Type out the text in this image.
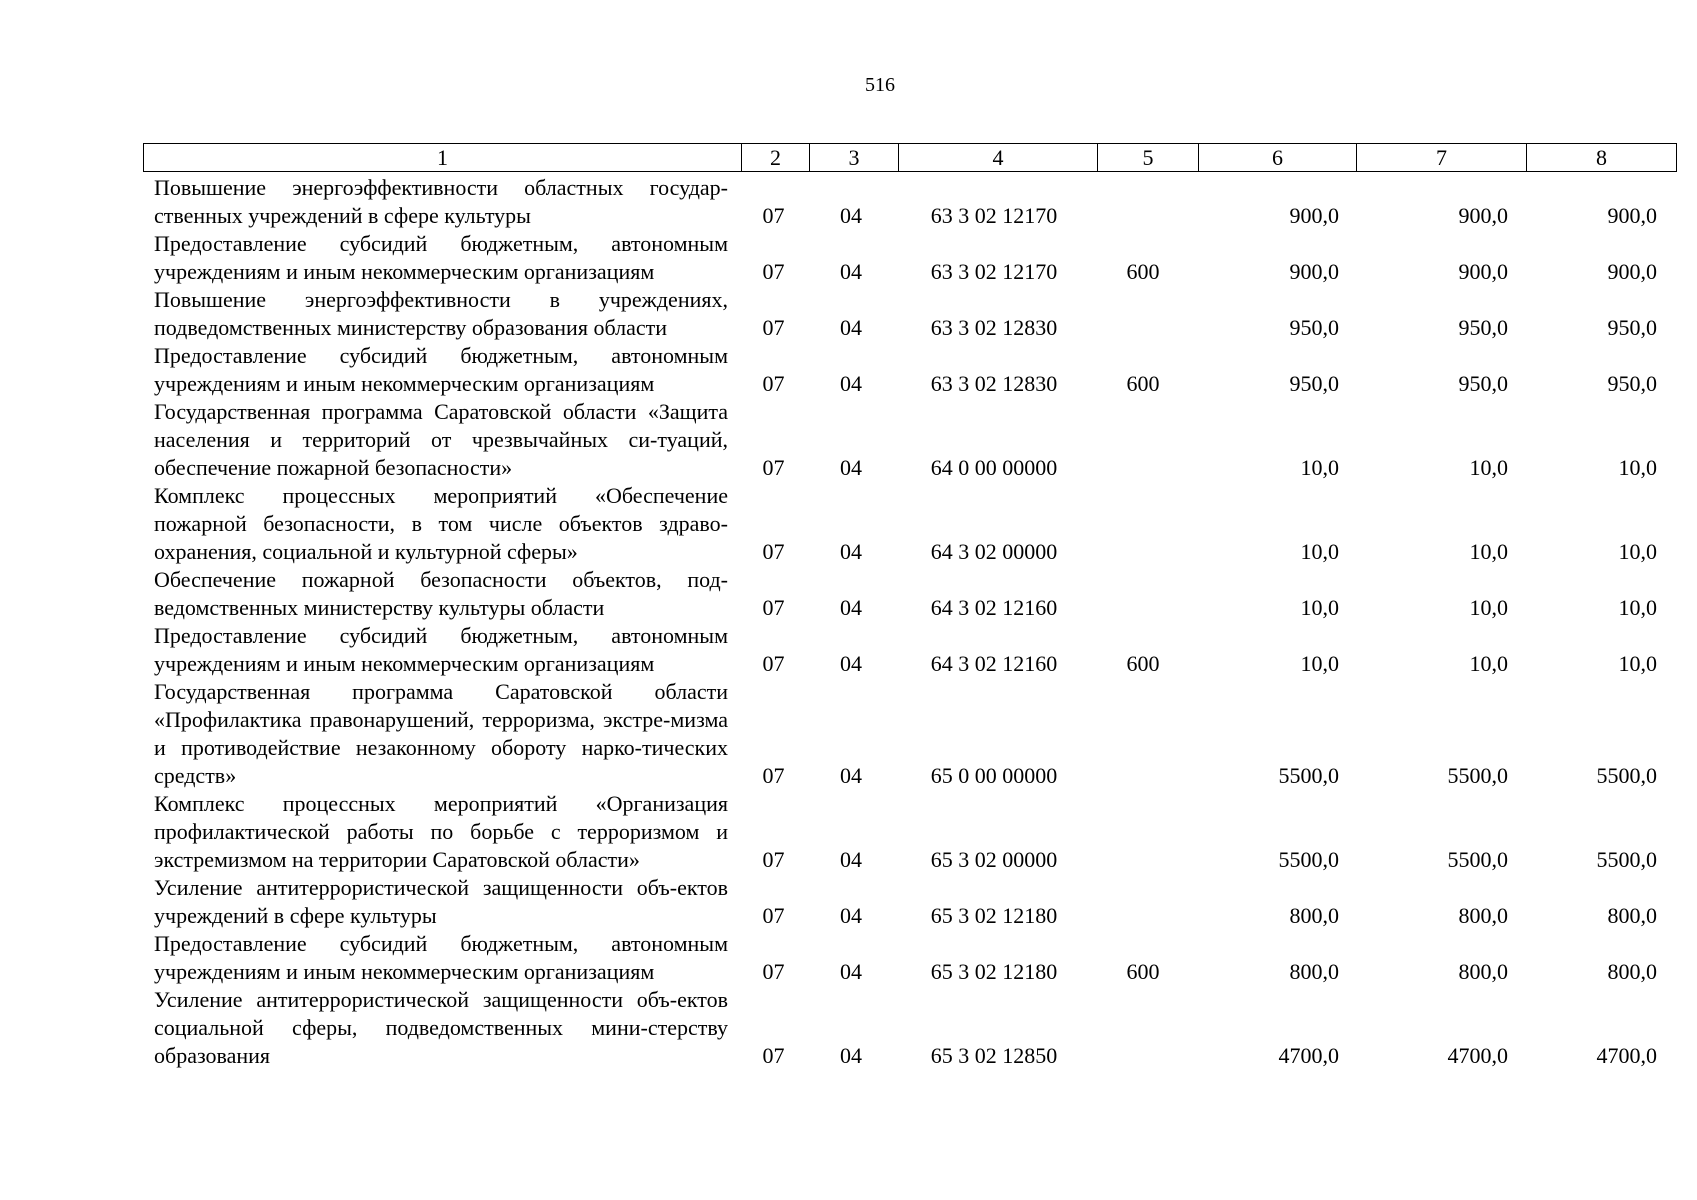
516
1	2	3	4	5	6	7	8
Повышение энергоэффективности областных государ-ственных учреждений в сфере культуры	07	04	63 3 02 12170		900,0	900,0	900,0
Предоставление субсидий бюджетным, автономным учреждениям и иным некоммерческим организациям	07	04	63 3 02 12170	600	900,0	900,0	900,0
Повышение энергоэффективности в учреждениях, подведомственных министерству образования области	07	04	63 3 02 12830		950,0	950,0	950,0
Предоставление субсидий бюджетным, автономным учреждениям и иным некоммерческим организациям	07	04	63 3 02 12830	600	950,0	950,0	950,0
Государственная программа Саратовской области «Защита населения и территорий от чрезвычайных си-туаций, обеспечение пожарной безопасности»	07	04	64 0 00 00000		10,0	10,0	10,0
Комплекс процессных мероприятий «Обеспечение пожарной безопасности, в том числе объектов здраво-охранения, социальной и культурной сферы»	07	04	64 3 02 00000		10,0	10,0	10,0
Обеспечение пожарной безопасности объектов, под-ведомственных министерству культуры области	07	04	64 3 02 12160		10,0	10,0	10,0
Предоставление субсидий бюджетным, автономным учреждениям и иным некоммерческим организациям	07	04	64 3 02 12160	600	10,0	10,0	10,0
Государственная программа Саратовской области «Профилактика правонарушений, терроризма, экстре-мизма и противодействие незаконному обороту нарко-тических средств»	07	04	65 0 00 00000		5500,0	5500,0	5500,0
Комплекс процессных мероприятий «Организация профилактической работы по борьбе с терроризмом и экстремизмом на территории Саратовской области»	07	04	65 3 02 00000		5500,0	5500,0	5500,0
Усиление антитеррористической защищенности объ-ектов учреждений в сфере культуры	07	04	65 3 02 12180		800,0	800,0	800,0
Предоставление субсидий бюджетным, автономным учреждениям и иным некоммерческим организациям	07	04	65 3 02 12180	600	800,0	800,0	800,0
Усиление антитеррористической защищенности объ-ектов социальной сферы, подведомственных мини-стерству образования	07	04	65 3 02 12850		4700,0	4700,0	4700,0
